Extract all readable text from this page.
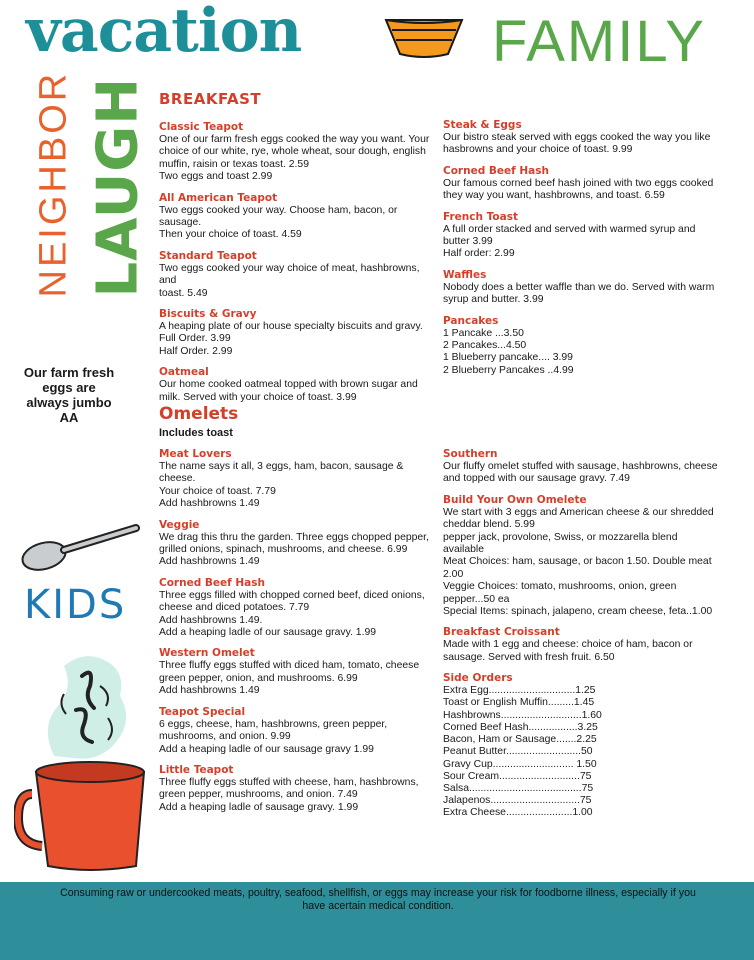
vacation	FAMILY
NEIGHBOR LAUGH
Our farm fresh
eggs are
always jumbo
AA
KIDS
BREAKFAST
Classic Teapot
One of our farm fresh eggs cooked the way you want. Your
choice of our white, rye, whole wheat, sour dough, english
muffin, raisin or texas toast. 2.59
Two eggs and toast 2.99
All American Teapot
Two eggs cooked your way. Choose ham, bacon, or sausage.
Then your choice of toast. 4.59
Standard Teapot
Two eggs cooked your way choice of meat, hashbrowns, and
toast. 5.49
Biscuits & Gravy
A heaping plate of our house specialty biscuits and gravy.
Full Order. 3.99
Half Order. 2.99
Oatmeal
Our home cooked oatmeal topped with brown sugar and
milk. Served with your choice of toast. 3.99
Steak & Eggs
Our bistro steak served with eggs cooked the way you like
hasbrowns and your choice of toast. 9.99
Corned Beef Hash
Our famous corned beef hash joined with two eggs cooked
they way you want, hashbrowns, and toast. 6.59
French Toast
A full order stacked and served with warmed syrup and
butter 3.99
Half order: 2.99
Waffles
Nobody does a better waffle than we do. Served with warm
syrup and butter. 3.99
Pancakes
1 Pancake ...3.50
2 Pancakes...4.50
1 Blueberry pancake.... 3.99
2 Blueberry Pancakes ..4.99
Omelets
Includes toast
Meat Lovers
The name says it all, 3 eggs, ham, bacon, sausage & cheese.
Your choice of toast. 7.79
Add hashbrowns 1.49
Veggie
We drag this thru the garden. Three eggs chopped pepper,
grilled onions, spinach, mushrooms, and cheese. 6.99
Add hashbrowns 1.49
Corned Beef Hash
Three eggs filled with chopped corned beef, diced onions,
cheese and diced potatoes. 7.79
Add hashbrowns 1.49.
Add a heaping ladle of our sausage gravy. 1.99
Western Omelet
Three fluffy eggs stuffed with diced ham, tomato, cheese
green pepper, onion, and mushrooms. 6.99
Add hashbrowns 1.49
Teapot Special
6 eggs, cheese, ham, hashbrowns, green pepper,
mushrooms, and onion. 9.99
Add a heaping ladle of our sausage gravy 1.99
Little Teapot
Three fluffy eggs stuffed with cheese, ham, hashbrowns,
green pepper, mushrooms, and onion. 7.49
Add a heaping ladle of sausage gravy. 1.99
Southern
Our fluffy omelet stuffed with sausage, hashbrowns, cheese
and topped with our sausage gravy. 7.49
Build Your Own Omelete
We start with 3 eggs and American cheese & our shredded
cheddar blend. 5.99
pepper jack, provolone, Swiss, or mozzarella blend available
Meat Choices: ham, sausage, or bacon 1.50. Double meat
2.00
Veggie Choices: tomato, mushrooms, onion, green
pepper...50 ea
Special Items: spinach, jalapeno, cream cheese, feta..1.00
Breakfast Croissant
Made with 1 egg and cheese: choice of ham, bacon or
sausage. Served with fresh fruit. 6.50
Side Orders
Extra Egg..............................1.25
Toast or English Muffin.........1.45
Hashbrowns............................1.60
Corned Beef Hash.................3.25
Bacon, Ham or Sausage.......2.25
Peanut Butter..........................50
Gravy Cup............................ 1.50
Sour Cream............................75
Salsa.......................................75
Jalapenos...............................75
Extra Cheese.......................1.00
Consuming raw or undercooked meats, poultry, seafood, shellfish, or eggs may increase your risk for foodborne illness, especially if you
have acertain medical condition.
